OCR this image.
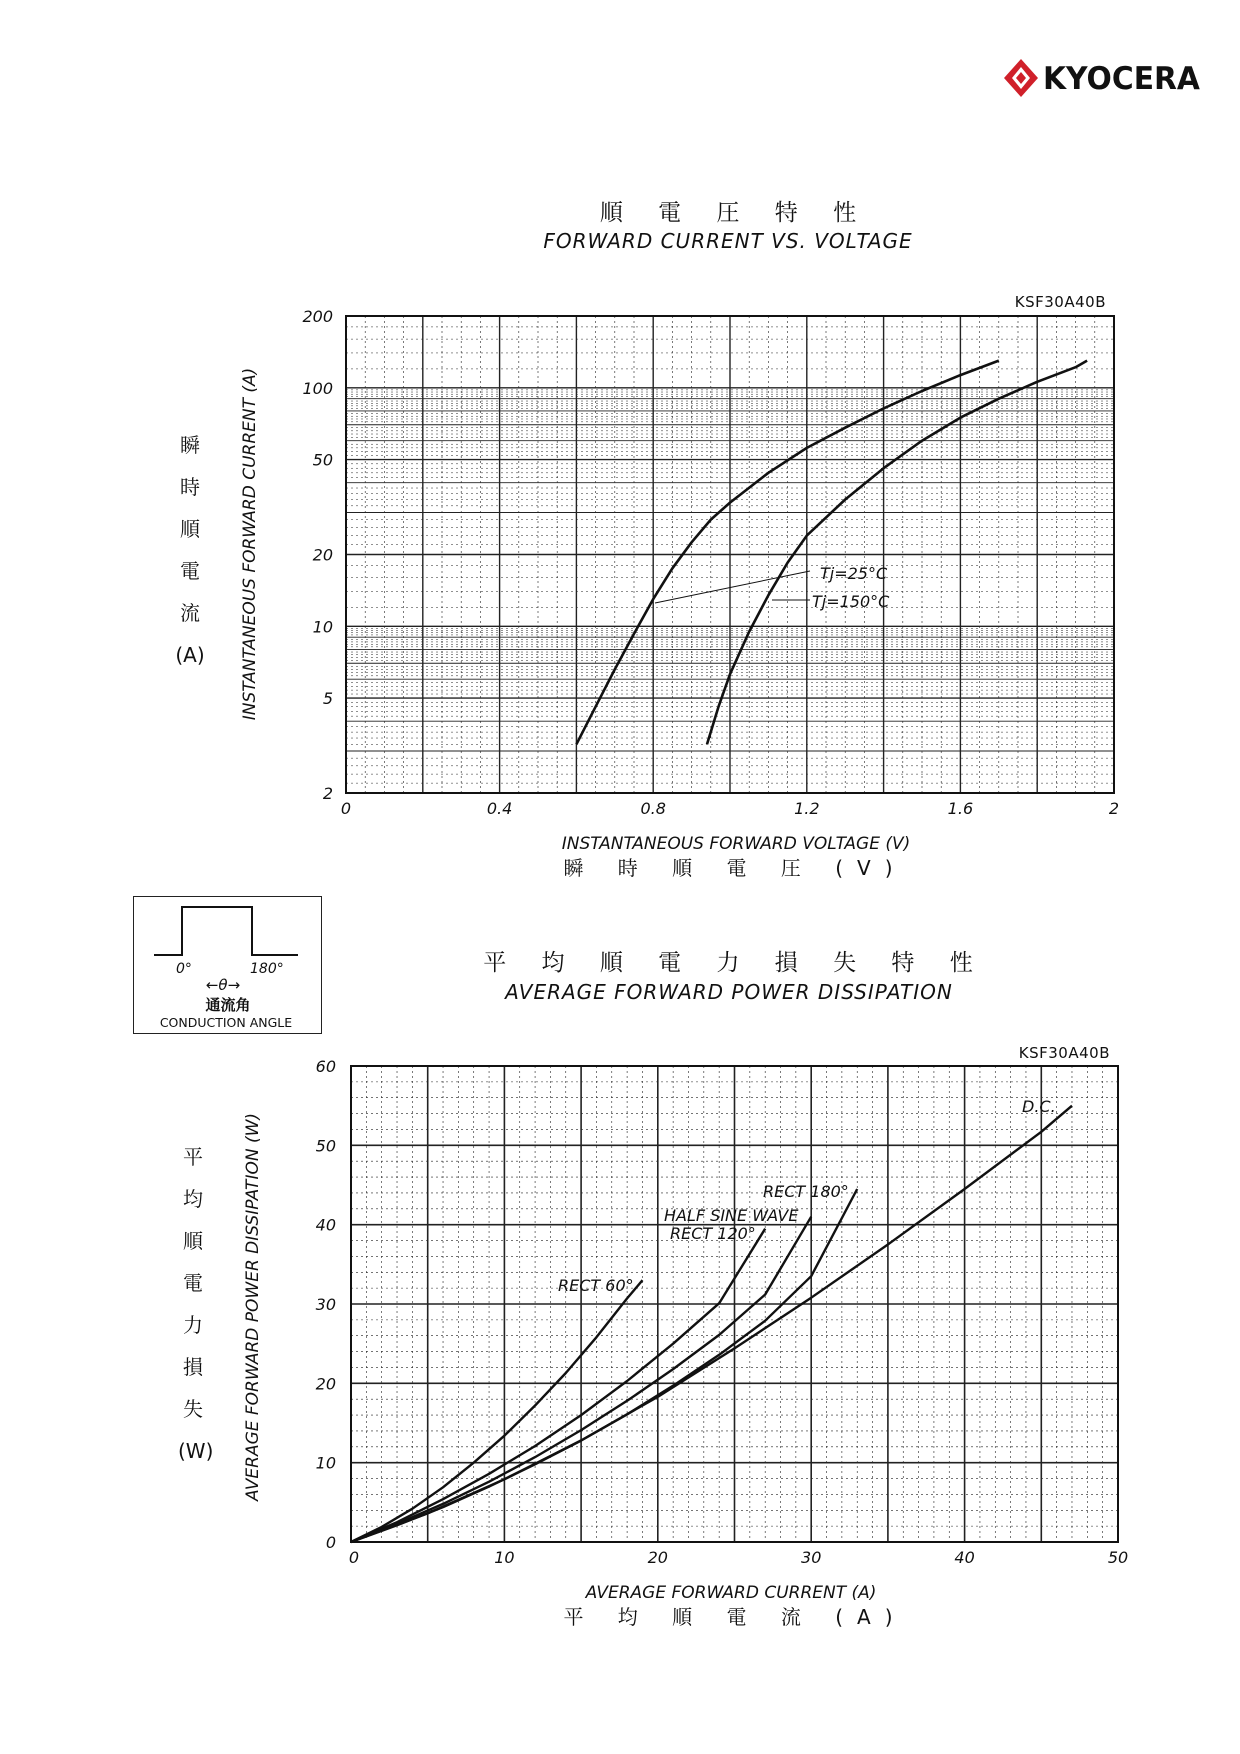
KYOCERA
順 電 圧 特 性
FORWARD CURRENT VS. VOLTAGE
KSF30A40B
0	0.4	0.8	1.2	1.6	2
200
100
50
20
10
5
2
Tj=25°C
Tj=150°C
INSTANTANEOUS FORWARD CURRENT (A)
INSTANTANEOUS FORWARD VOLTAGE (V)
瞬 時 順 電 圧 (V)
瞬
時
順
電
流
(A)
0°	180°
←θ→
通流角
CONDUCTION ANGLE
平 均 順 電 力 損 失 特 性
AVERAGE FORWARD POWER DISSIPATION
KSF30A40B
0	10	20	30	40	50
60
50
40
30
20
10
0
RECT 60°
RECT 120°
HALF SINE WAVE
RECT 180°
D.C.
AVERAGE FORWARD POWER DISSIPATION (W)
AVERAGE FORWARD CURRENT (A)
平 均 順 電 流 (A)
平
均
順
電
力
損
失
(W)
